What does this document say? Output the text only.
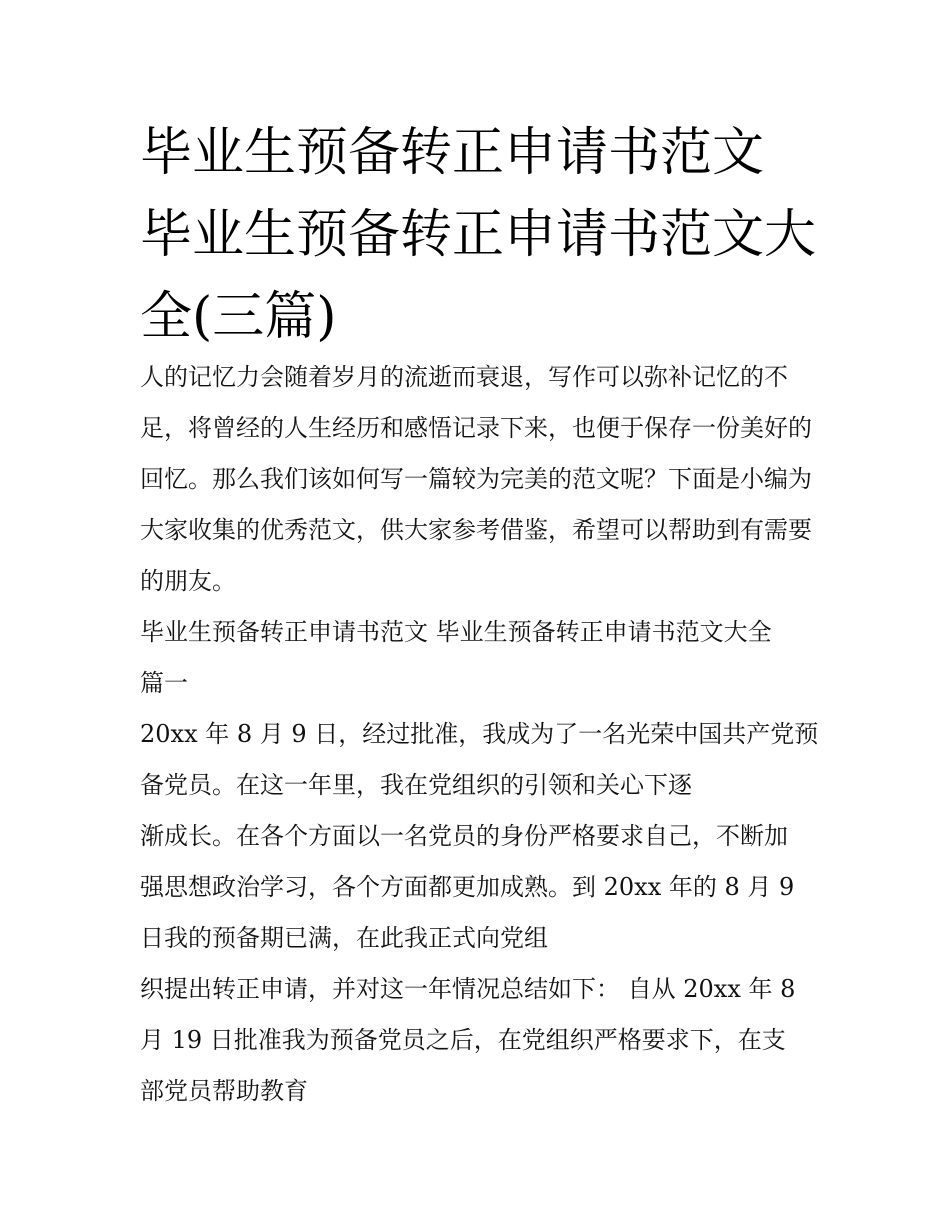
毕业生预备转正申请书范文 毕业生预备转正申请书范文大全(三篇)

人的记忆力会随着岁月的流逝而衰退，写作可以弥补记忆的不足，将曾经的人生经历和感悟记录下来，也便于保存一份美好的回忆。那么我们该如何写一篇较为完美的范文呢？下面是小编为大家收集的优秀范文，供大家参考借鉴，希望可以帮助到有需要的朋友。

毕业生预备转正申请书范文 毕业生预备转正申请书范文大全

篇一

20xx 年 8 月 9 日，经过批准，我成为了一名光荣中国共产党预
备党员。在这一年里，我在党组织的引领和关心下逐
渐成长。在各个方面以一名党员的身份严格要求自己，不断加
强思想政治学习，各个方面都更加成熟。到 20xx 年的 8 月 9
日我的预备期已满，在此我正式向党组
织提出转正申请，并对这一年情况总结如下： 自从 20xx 年 8
月 19 日批准我为预备党员之后，在党组织严格要求下，在支
部党员帮助教育
